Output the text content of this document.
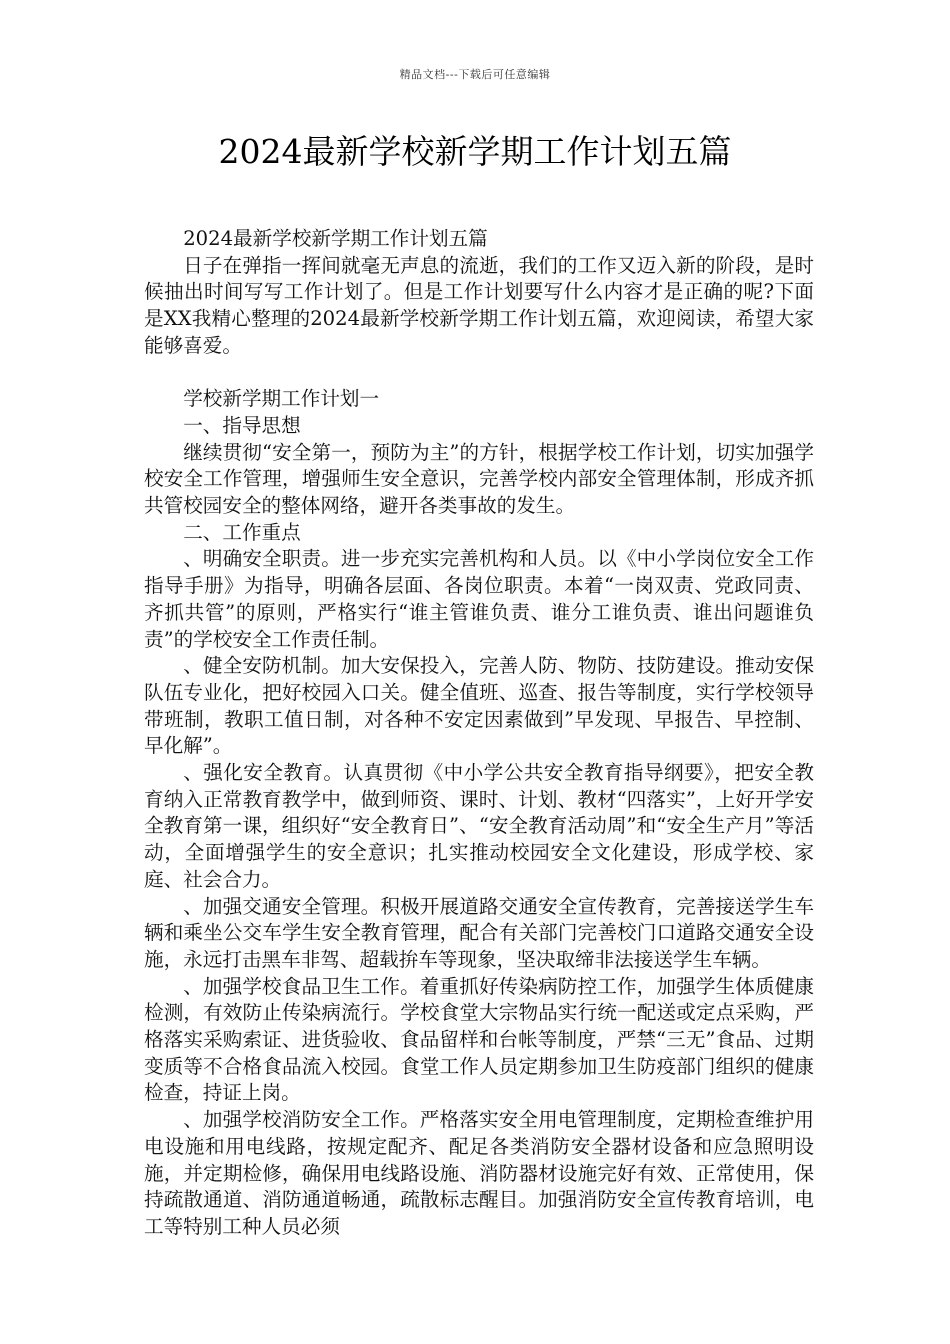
精品文档---下载后可任意编辑
2024最新学校新学期工作计划五篇

2024最新学校新学期工作计划五篇

日子在弹指一挥间就毫无声息的流逝，我们的工作又迈入新的阶段，是时候抽出时间写写工作计划了。但是工作计划要写什么内容才是正确的呢?下面是XX我精心整理的2024最新学校新学期工作计划五篇，欢迎阅读，希望大家能够喜爱。

学校新学期工作计划一

一、指导思想

继续贯彻“安全第一，预防为主”的方针，根据学校工作计划，切实加强学校安全工作管理，增强师生安全意识，完善学校内部安全管理体制，形成齐抓共管校园安全的整体网络，避开各类事故的发生。

二、工作重点

、明确安全职责。进一步充实完善机构和人员。以《中小学岗位安全工作指导手册》为指导，明确各层面、各岗位职责。本着“一岗双责、党政同责、齐抓共管”的原则，严格实行“谁主管谁负责、谁分工谁负责、谁出问题谁负责”的学校安全工作责任制。

、健全安防机制。加大安保投入，完善人防、物防、技防建设。推动安保队伍专业化，把好校园入口关。健全值班、巡查、报告等制度，实行学校领导带班制，教职工值日制，对各种不安定因素做到”早发现、早报告、早控制、早化解”。

、强化安全教育。认真贯彻《中小学公共安全教育指导纲要》，把安全教育纳入正常教育教学中，做到师资、课时、计划、教材“四落实”，上好开学安全教育第一课，组织好“安全教育日”、“安全教育活动周”和“安全生产月”等活动，全面增强学生的安全意识；扎实推动校园安全文化建设，形成学校、家庭、社会合力。

、加强交通安全管理。积极开展道路交通安全宣传教育，完善接送学生车辆和乘坐公交车学生安全教育管理，配合有关部门完善校门口道路交通安全设施，永远打击黑车非驾、超载拚车等现象，坚决取缔非法接送学生车辆。

、加强学校食品卫生工作。着重抓好传染病防控工作，加强学生体质健康检测，有效防止传染病流行。学校食堂大宗物品实行统一配送或定点采购，严格落实采购索证、进货验收、食品留样和台帐等制度，严禁“三无”食品、过期变质等不合格食品流入校园。食堂工作人员定期参加卫生防疫部门组织的健康检查，持证上岗。

、加强学校消防安全工作。严格落实安全用电管理制度，定期检查维护用电设施和用电线路，按规定配齐、配足各类消防安全器材设备和应急照明设施，并定期检修，确保用电线路设施、消防器材设施完好有效、正常使用，保持疏散通道、消防通道畅通，疏散标志醒目。加强消防安全宣传教育培训，电工等特别工种人员必须
